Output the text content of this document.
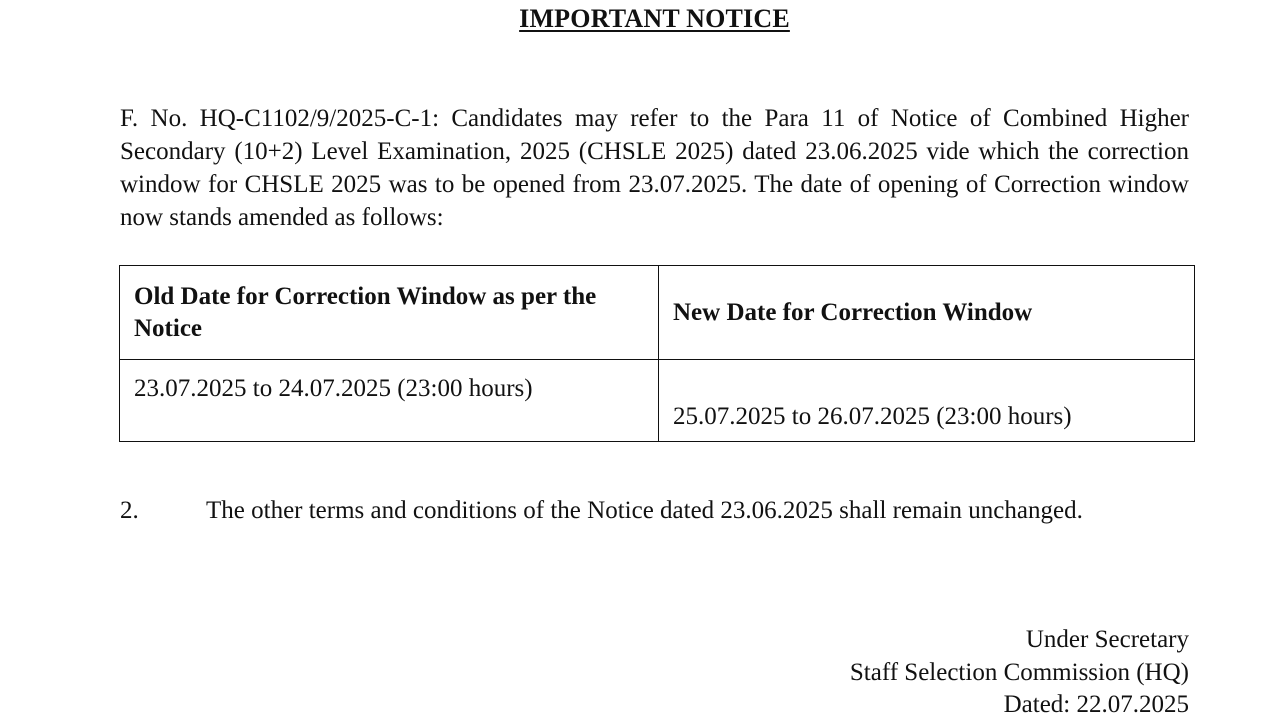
IMPORTANT NOTICE

F. No. HQ-C1102/9/2025-C-1: Candidates may refer to the Para 11 of Notice of Combined Higher Secondary (10+2) Level Examination, 2025 (CHSLE 2025) dated 23.06.2025 vide which the correction window for CHSLE 2025 was to be opened from 23.07.2025. The date of opening of Correction window now stands amended as follows:

Old Date for Correction Window as per the Notice	New Date for Correction Window
23.07.2025 to 24.07.2025 (23:00 hours)	25.07.2025 to 26.07.2025 (23:00 hours)

2.	The other terms and conditions of the Notice dated 23.06.2025 shall remain unchanged.

Under Secretary
Staff Selection Commission (HQ)
Dated: 22.07.2025
